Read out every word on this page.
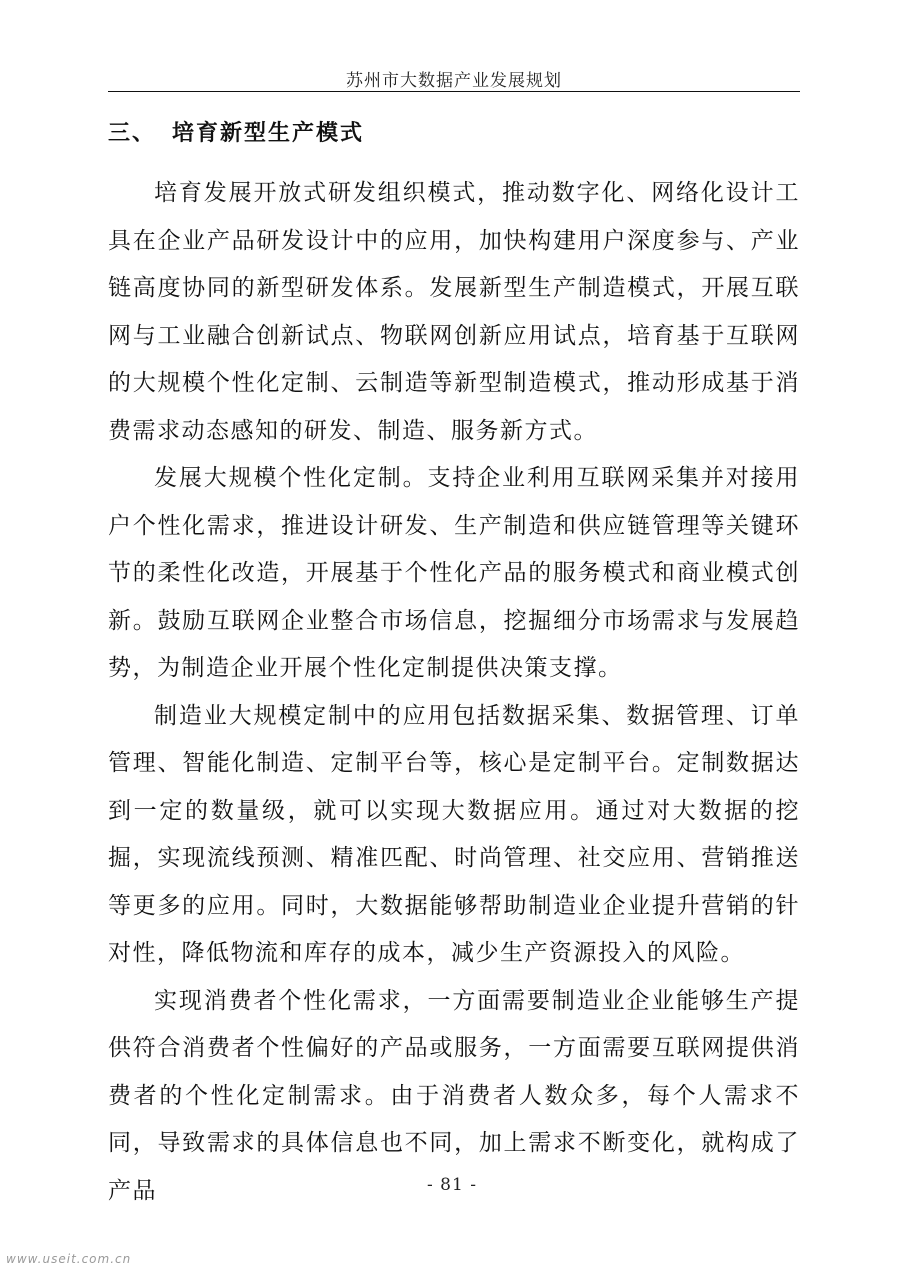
苏州市大数据产业发展规划
三、 培育新型生产模式

培育发展开放式研发组织模式，推动数字化、网络化设计工具在企业产品研发设计中的应用，加快构建用户深度参与、产业链高度协同的新型研发体系。发展新型生产制造模式，开展互联网与工业融合创新试点、物联网创新应用试点，培育基于互联网的大规模个性化定制、云制造等新型制造模式，推动形成基于消费需求动态感知的研发、制造、服务新方式。

发展大规模个性化定制。支持企业利用互联网采集并对接用户个性化需求，推进设计研发、生产制造和供应链管理等关键环节的柔性化改造，开展基于个性化产品的服务模式和商业模式创新。鼓励互联网企业整合市场信息，挖掘细分市场需求与发展趋势，为制造企业开展个性化定制提供决策支撑。

制造业大规模定制中的应用包括数据采集、数据管理、订单管理、智能化制造、定制平台等，核心是定制平台。定制数据达到一定的数量级，就可以实现大数据应用。通过对大数据的挖掘，实现流线预测、精准匹配、时尚管理、社交应用、营销推送等更多的应用。同时，大数据能够帮助制造业企业提升营销的针对性，降低物流和库存的成本，减少生产资源投入的风险。

实现消费者个性化需求，一方面需要制造业企业能够生产提供符合消费者个性偏好的产品或服务，一方面需要互联网提供消费者的个性化定制需求。由于消费者人数众多，每个人需求不同，导致需求的具体信息也不同，加上需求不断变化，就构成了产品	- 81 -
www.useit.com.cn
